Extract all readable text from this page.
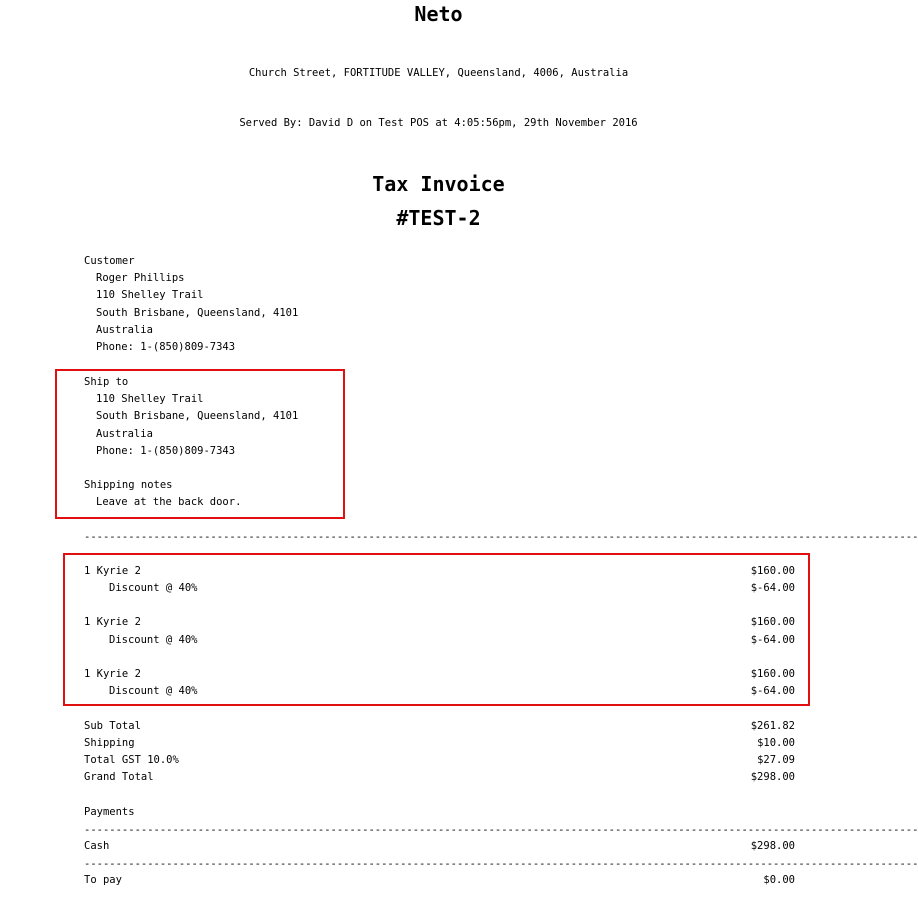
Neto
Church Street, FORTITUDE VALLEY, Queensland, 4006, Australia
Served By: David D on Test POS at 4:05:56pm, 29th November 2016
Tax Invoice
#TEST-2
Customer
Roger Phillips
110 Shelley Trail
South Brisbane, Queensland, 4101
Australia
Phone: 1-(850)809-7343
Ship to
110 Shelley Trail
South Brisbane, Queensland, 4101
Australia
Phone: 1-(850)809-7343
Shipping notes
Leave at the back door.
------------------------------------------------------------------------------------------------------------------------------------
1 Kyrie 2	$160.00
Discount @ 40%	$-64.00
1 Kyrie 2	$160.00
Discount @ 40%	$-64.00
1 Kyrie 2	$160.00
Discount @ 40%	$-64.00
Sub Total	$261.82
Shipping	$10.00
Total GST 10.0%	$27.09
Grand Total	$298.00
Payments
------------------------------------------------------------------------------------------------------------------------------------
Cash	$298.00
------------------------------------------------------------------------------------------------------------------------------------
To pay	$0.00
